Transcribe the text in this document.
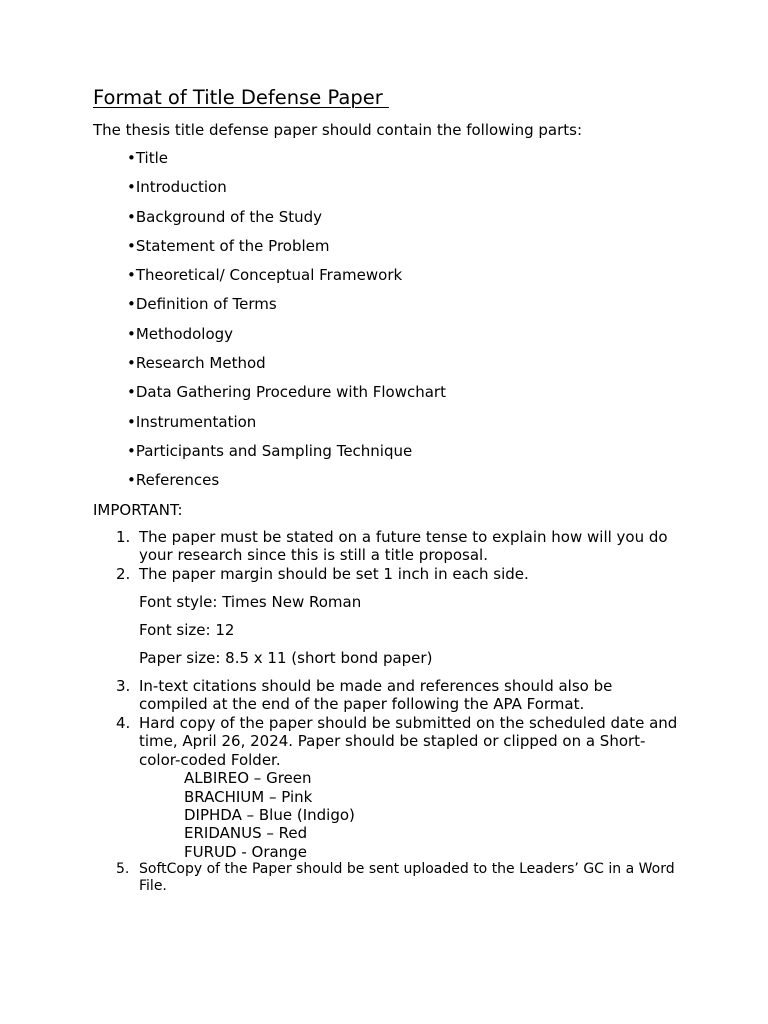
Format of Title Defense Paper

The thesis title defense paper should contain the following parts:

•Title
•Introduction
•Background of the Study
•Statement of the Problem
•Theoretical/ Conceptual Framework
•Definition of Terms
•Methodology
•Research Method
•Data Gathering Procedure with Flowchart
•Instrumentation
•Participants and Sampling Technique
•References

IMPORTANT:

1. The paper must be stated on a future tense to explain how will you do your research since this is still a title proposal.
2. The paper margin should be set 1 inch in each side.
Font style: Times New Roman
Font size: 12
Paper size: 8.5 x 11 (short bond paper)
3. In-text citations should be made and references should also be compiled at the end of the paper following the APA Format.
4. Hard copy of the paper should be submitted on the scheduled date and time, April 26, 2024. Paper should be stapled or clipped on a Short-color-coded Folder.
ALBIREO – Green
BRACHIUM – Pink
DIPHDA – Blue (Indigo)
ERIDANUS – Red
FURUD - Orange
5. SoftCopy of the Paper should be sent uploaded to the Leaders’ GC in a Word File.
